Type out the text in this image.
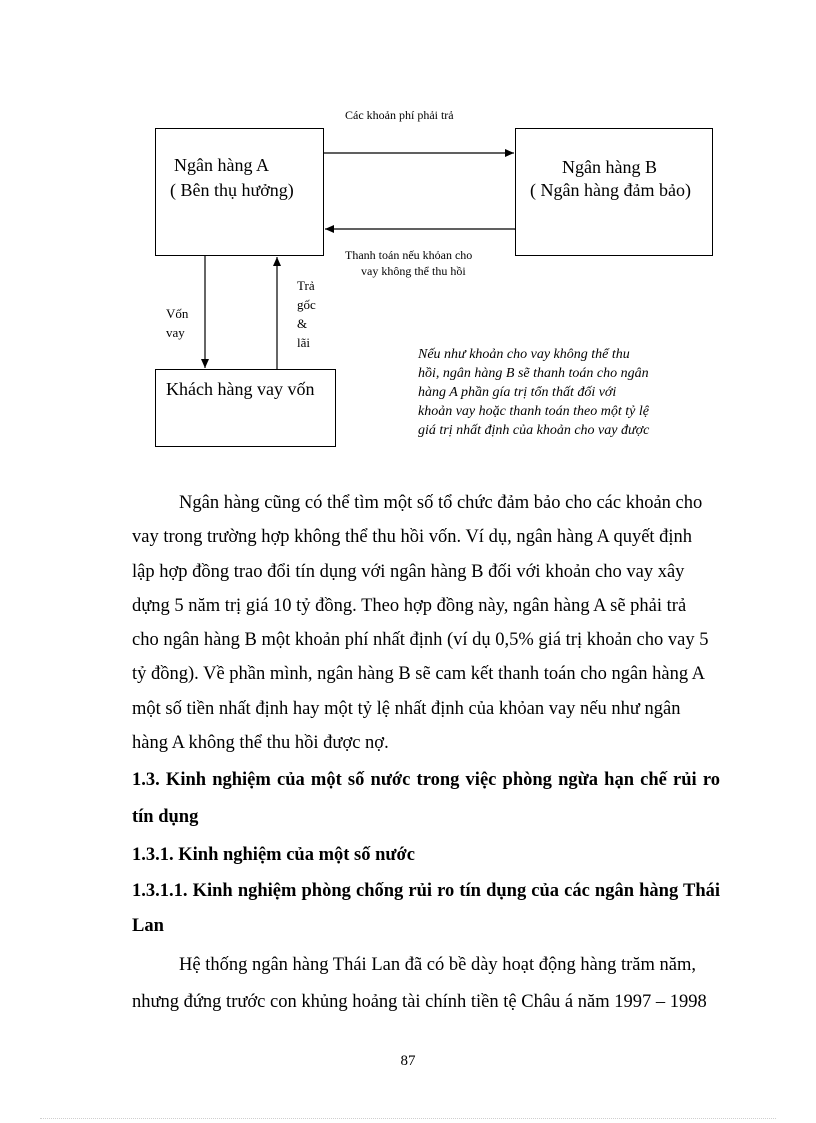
Ngân hàng A
( Bên thụ hưởng)
Ngân hàng B
( Ngân hàng đảm bảo)
Khách hàng vay vốn
Các khoản phí phải trả
Thanh toán nếu khỏan cho
vay không thể thu hồi
Vốn
vay
Trả
gốc
&
lãi
Nếu như khoản cho vay không thể thu
hồi, ngân hàng B sẽ thanh toán cho ngân
hàng A phần gía trị tổn thất đối với
khoản vay hoặc thanh toán theo một tỷ lệ
giá trị nhất định của khoản cho vay được

Ngân hàng cũng có thể tìm một số tổ chức đảm bảo cho các khoản cho

vay trong trường hợp không thể thu hồi vốn. Ví dụ, ngân hàng A quyết định

lập hợp đồng trao đổi tín dụng với ngân hàng B đối với khoản cho vay xây

dựng 5 năm trị giá 10 tỷ đồng. Theo hợp đồng này, ngân hàng A sẽ phải trả

cho ngân hàng B một khoản phí nhất định (ví dụ 0,5% giá trị khoản cho vay 5

tỷ đồng). Về phần mình, ngân hàng B sẽ cam kết thanh toán cho ngân hàng A

một số tiền nhất định hay một tỷ lệ nhất định của khỏan vay nếu như ngân

hàng A không thể thu hồi được nợ.

1.3. Kinh nghiệm của một số nước trong việc phòng ngừa hạn chế rủi ro
tín dụng
1.3.1. Kinh nghiệm của một số nước
1.3.1.1. Kinh nghiệm phòng chống rủi ro tín dụng của các ngân hàng Thái
Lan

Hệ thống ngân hàng Thái Lan đã có bề dày hoạt động hàng trăm năm,

nhưng đứng trước con khủng hoảng tài chính tiền tệ Châu á năm 1997 – 1998

87
